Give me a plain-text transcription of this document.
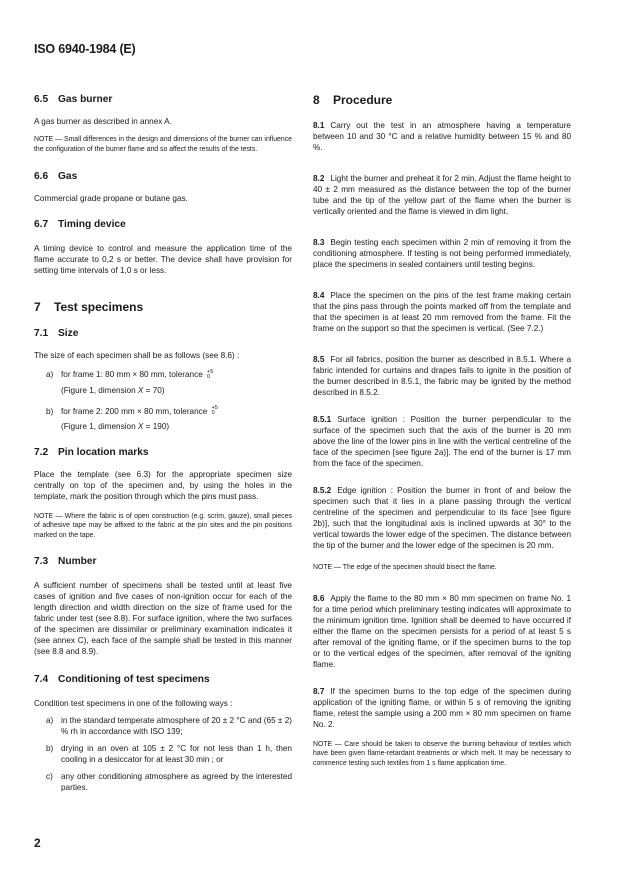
ISO 6940-1984 (E)
6.5 Gas burner

A gas burner as described in annex A.

NOTE — Small differences in the design and dimensions of the burner can influence the configuration of the burner flame and so affect the results of the tests.

6.6 Gas

Commercial grade propane or butane gas.

6.7 Timing device

A timing device to control and measure the application time of the flame accurate to 0,2 s or better. The device shall have provision for setting time intervals of 1,0 s or less.

7 Test specimens
7.1 Size

The size of each specimen shall be as follows (see 8.6) :

a) for frame 1: 80 mm × 80 mm, tolerance +5
0
(Figure 1, dimension X = 70)
b) for frame 2: 200 mm × 80 mm, tolerance +5
0
(Figure 1, dimension X = 190)
7.2 Pin location marks

Place the template (see 6.3) for the appropriate specimen size centrally on top of the specimen and, by using the holes in the template, mark the position through which the pins must pass.

NOTE — Where the fabric is of open construction (e.g. scrim, gauze), small pieces of adhesive tape may be affixed to the fabric at the pin sites and the pin positions marked on the tape.

7.3 Number

A sufficient number of specimens shall be tested until at least five cases of ignition and five cases of non-ignition occur for each of the length direction and width direction on the size of frame used for the fabric under test (see 8.8). For surface ignition, where the two surfaces of the specimen are dissimilar or preliminary examination indicates it (see annex C), each face of the sample shall be tested in this manner (see 8.8 and 8.9).

7.4 Conditioning of test specimens

Condition test specimens in one of the following ways :

a) in the standard temperate atmosphere of 20 ± 2 °C and (65 ± 2) % rh in accordance with ISO 139;
b) drying in an oven at 105 ± 2 °C for not less than 1 h, then cooling in a desiccator for at least 30 min ; or
c) any other conditioning atmosphere as agreed by the interested parties.
8 Procedure

8.1 Carry out the test in an atmosphere having a temperature between 10 and 30 °C and a relative humidity between 15 % and 80 %.

8.2 Light the burner and preheat it for 2 min. Adjust the flame height to 40 ± 2 mm measured as the distance between the top of the burner tube and the tip of the yellow part of the flame when the burner is vertically oriented and the flame is viewed in dim light.

8.3 Begin testing each specimen within 2 min of removing it from the conditioning atmosphere. If testing is not being performed immediately, place the specimens in sealed containers until testing begins.

8.4 Place the specimen on the pins of the test frame making certain that the pins pass through the points marked off from the template and that the specimen is at least 20 mm removed from the frame. Fit the frame on the support so that the specimen is vertical. (See 7.2.)

8.5 For all fabrics, position the burner as described in 8.5.1. Where a fabric intended for curtains and drapes fails to ignite in the position of the burner described in 8.5.1, the fabric may be ignited by the method described in 8.5.2.

8.5.1 Surface ignition : Position the burner perpendicular to the surface of the specimen such that the axis of the burner is 20 mm above the line of the lower pins in line with the vertical centreline of the face of the specimen [see figure 2a)]. The end of the burner is 17 mm from the face of the specimen.

8.5.2 Edge ignition : Position the burner in front of and below the specimen such that it lies in a plane passing through the vertical centreline of the specimen and perpendicular to its face [see figure 2b)], such that the longitudinal axis is inclined upwards at 30° to the vertical towards the lower edge of the specimen. The distance between the tip of the burner and the lower edge of the specimen is 20 mm.

NOTE — The edge of the specimen should bisect the flame.

8.6 Apply the flame to the 80 mm × 80 mm specimen on frame No. 1 for a time period which preliminary testing indicates will approximate to the minimum ignition time. Ignition shall be deemed to have occurred if either the flame on the specimen persists for a period of at least 5 s after removal of the igniting flame, or if the specimen burns to the top or to the vertical edges of the specimen, after removal of the igniting flame.

8.7 If the specimen burns to the top edge of the specimen during application of the igniting flame, or within 5 s of removing the igniting flame, retest the sample using a 200 mm × 80 mm specimen on frame No. 2.

NOTE — Care should be taken to observe the burning behaviour of textiles which have been given flame-retardant treatments or which melt. It may be necessary to commence testing such textiles from 1 s flame application time.

2
